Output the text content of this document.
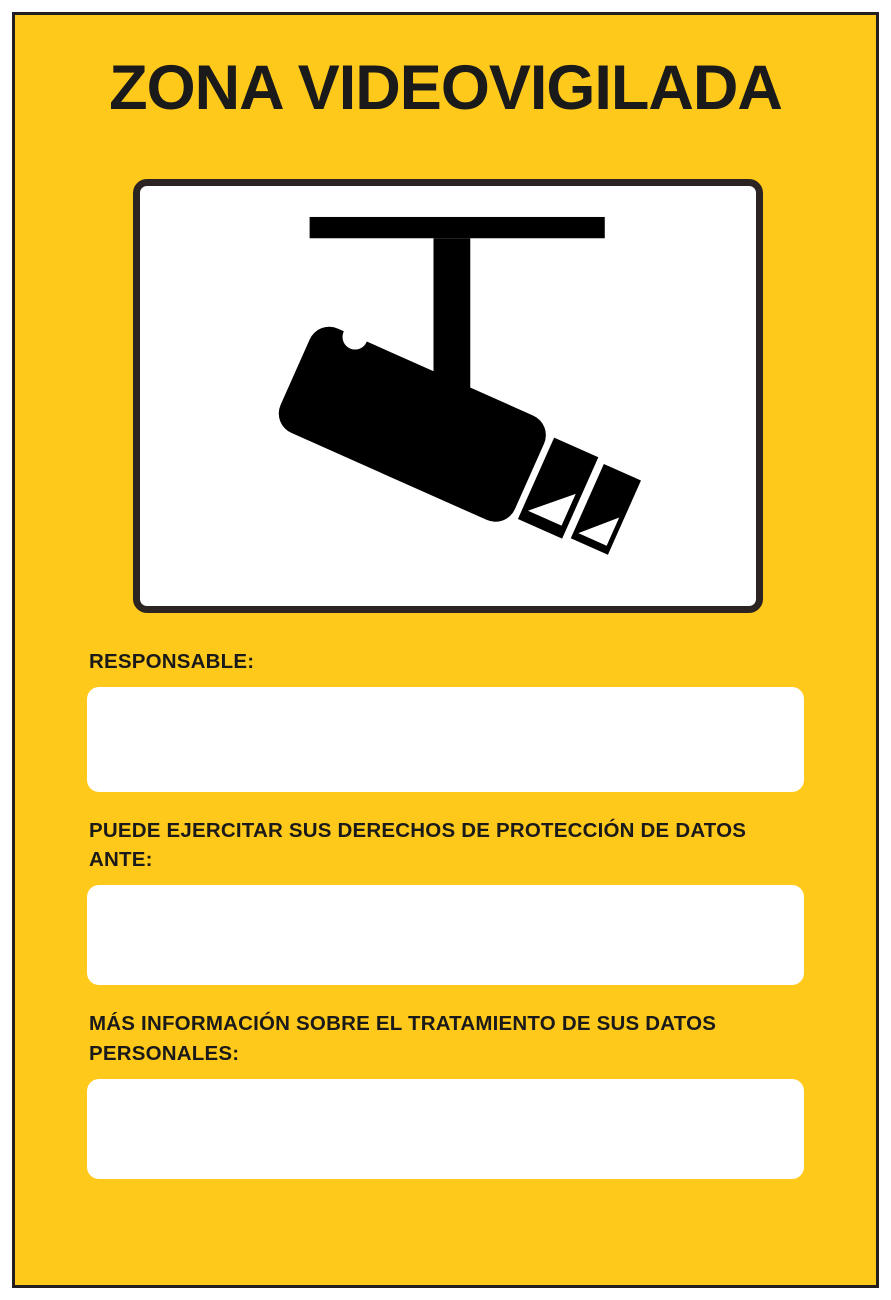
ZONA VIDEOVIGILADA
RESPONSABLE:
PUEDE EJERCITAR SUS DERECHOS DE PROTECCIÓN DE DATOS ANTE:
MÁS INFORMACIÓN SOBRE EL TRATAMIENTO DE SUS DATOS PERSONALES:
